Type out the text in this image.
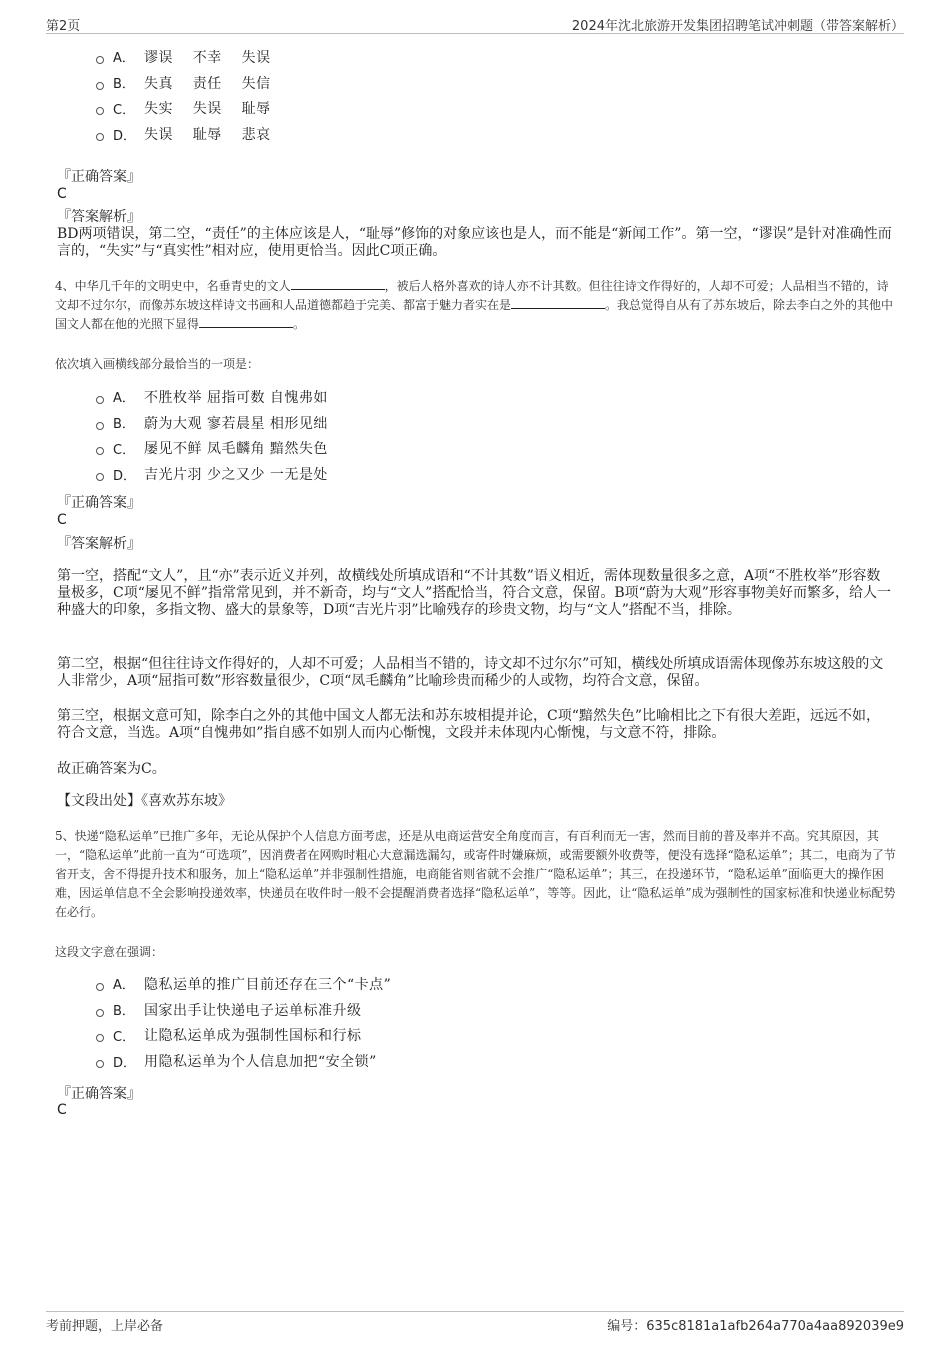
第2页	2024年沈北旅游开发集团招聘笔试冲刺题（带答案解析）
A． 谬误    不幸    失误
B． 失真    责任    失信
C． 失实    失误    耻辱
D． 失误    耻辱    悲哀
『正确答案』
C
『答案解析』
BD两项错误，第二空，“责任”的主体应该是人，“耻辱”修饰的对象应该也是人，而不能是“新闻工作”。第一空，“谬误”是针对准确性而言的，“失实”与“真实性”相对应，使用更恰当。因此C项正确。
4、中华几千年的文明史中，名垂青史的文人	，被后人格外喜欢的诗人亦不计其数。但往往诗文作得好的，人却不可爱；人品相当不错的，诗文却不过尔尔，而像苏东坡这样诗文书画和人品道德都趋于完美、都富于魅力者实在是	。我总觉得自从有了苏东坡后，除去李白之外的其他中国文人都在他的光照下显得	。
依次填入画横线部分最恰当的一项是：
A． 不胜枚举 屈指可数 自愧弗如
B． 蔚为大观 寥若晨星 相形见绌
C． 屡见不鲜 凤毛麟角 黯然失色
D． 吉光片羽 少之又少 一无是处
『正确答案』
C
『答案解析』
第一空，搭配“文人”，且“亦”表示近义并列，故横线处所填成语和“不计其数”语义相近，需体现数量很多之意，A项“不胜枚举”形容数量极多，C项“屡见不鲜”指常常见到，并不新奇，均与“文人”搭配恰当，符合文意，保留。B项“蔚为大观”形容事物美好而繁多，给人一种盛大的印象，多指文物、盛大的景象等，D项“吉光片羽”比喻残存的珍贵文物，均与“文人”搭配不当，排除。
第二空，根据“但往往诗文作得好的，人却不可爱；人品相当不错的，诗文却不过尔尔”可知，横线处所填成语需体现像苏东坡这般的文人非常少，A项“屈指可数”形容数量很少，C项“凤毛麟角”比喻珍贵而稀少的人或物，均符合文意，保留。
第三空，根据文意可知，除李白之外的其他中国文人都无法和苏东坡相提并论，C项“黯然失色”比喻相比之下有很大差距，远远不如，符合文意，当选。A项“自愧弗如”指自感不如别人而内心惭愧，文段并未体现内心惭愧，与文意不符，排除。
故正确答案为C。
【文段出处】《喜欢苏东坡》
5、快递“隐私运单”已推广多年，无论从保护个人信息方面考虑，还是从电商运营安全角度而言，有百利而无一害，然而目前的普及率并不高。究其原因，其一，“隐私运单”此前一直为“可选项”，因消费者在网购时粗心大意漏选漏勾，或寄件时嫌麻烦，或需要额外收费等，便没有选择“隐私运单”；其二，电商为了节省开支，舍不得提升技术和服务，加上“隐私运单”并非强制性措施，电商能省则省就不会推广“隐私运单”；其三，在投递环节，“隐私运单”面临更大的操作困难，因运单信息不全会影响投递效率，快递员在收件时一般不会提醒消费者选择“隐私运单”，等等。因此，让“隐私运单”成为强制性的国家标准和快递业标配势在必行。
这段文字意在强调：
A． 隐私运单的推广目前还存在三个“卡点”
B． 国家出手让快递电子运单标准升级
C． 让隐私运单成为强制性国标和行标
D． 用隐私运单为个人信息加把“安全锁”
『正确答案』
C
考前押题，上岸必备	编号：635c8181a1afb264a770a4aa892039e9
